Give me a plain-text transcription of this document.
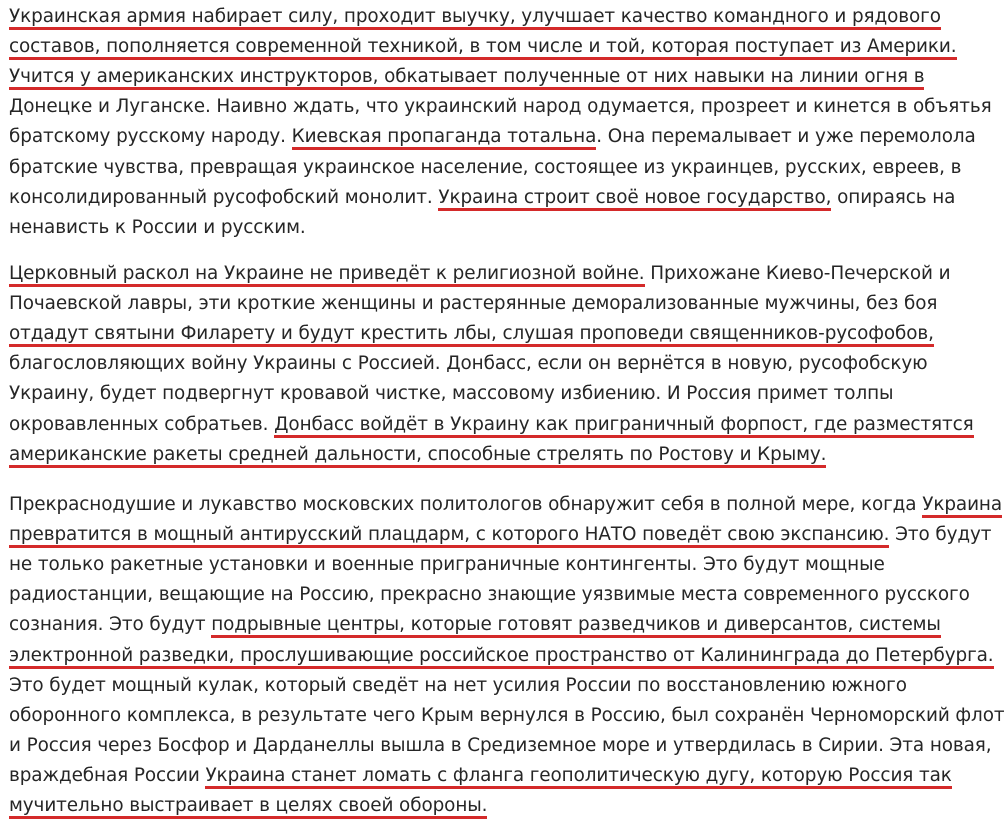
Украинская армия набирает силу, проходит выучку, улучшает качество командного и рядового
составов, пополняется современной техникой, в том числе и той, которая поступает из Америки.
Учится у американских инструкторов, обкатывает полученные от них навыки на линии огня в
Донецке и Луганске. Наивно ждать, что украинский народ одумается, прозреет и кинется в объятья
братскому русскому народу. Киевская пропаганда тотальна. Она перемалывает и уже перемолола
братские чувства, превращая украинское население, состоящее из украинцев, русских, евреев, в
консолидированный русофобский монолит. Украина строит своё новое государство, опираясь на
ненависть к России и русским.
Церковный раскол на Украине не приведёт к религиозной войне. Прихожане Киево-Печерской и
Почаевской лавры, эти кроткие женщины и растерянные деморализованные мужчины, без боя
отдадут святыни Филарету и будут крестить лбы, слушая проповеди священников-русофобов,
благословляющих войну Украины с Россией. Донбасс, если он вернётся в новую, русофобскую
Украину, будет подвергнут кровавой чистке, массовому избиению. И Россия примет толпы
окровавленных собратьев. Донбасс войдёт в Украину как приграничный форпост, где разместятся
американские ракеты средней дальности, способные стрелять по Ростову и Крыму.
Прекраснодушие и лукавство московских политологов обнаружит себя в полной мере, когда Украина
превратится в мощный антирусский плацдарм, с которого НАТО поведёт свою экспансию. Это будут
не только ракетные установки и военные приграничные контингенты. Это будут мощные
радиостанции, вещающие на Россию, прекрасно знающие уязвимые места современного русского
сознания. Это будут подрывные центры, которые готовят разведчиков и диверсантов, системы
электронной разведки, прослушивающие российское пространство от Калининграда до Петербурга.
Это будет мощный кулак, который сведёт на нет усилия России по восстановлению южного
оборонного комплекса, в результате чего Крым вернулся в Россию, был сохранён Черноморский флот
и Россия через Босфор и Дарданеллы вышла в Средиземное море и утвердилась в Сирии. Эта новая,
враждебная России Украина станет ломать с фланга геополитическую дугу, которую Россия так
мучительно выстраивает в целях своей обороны.
